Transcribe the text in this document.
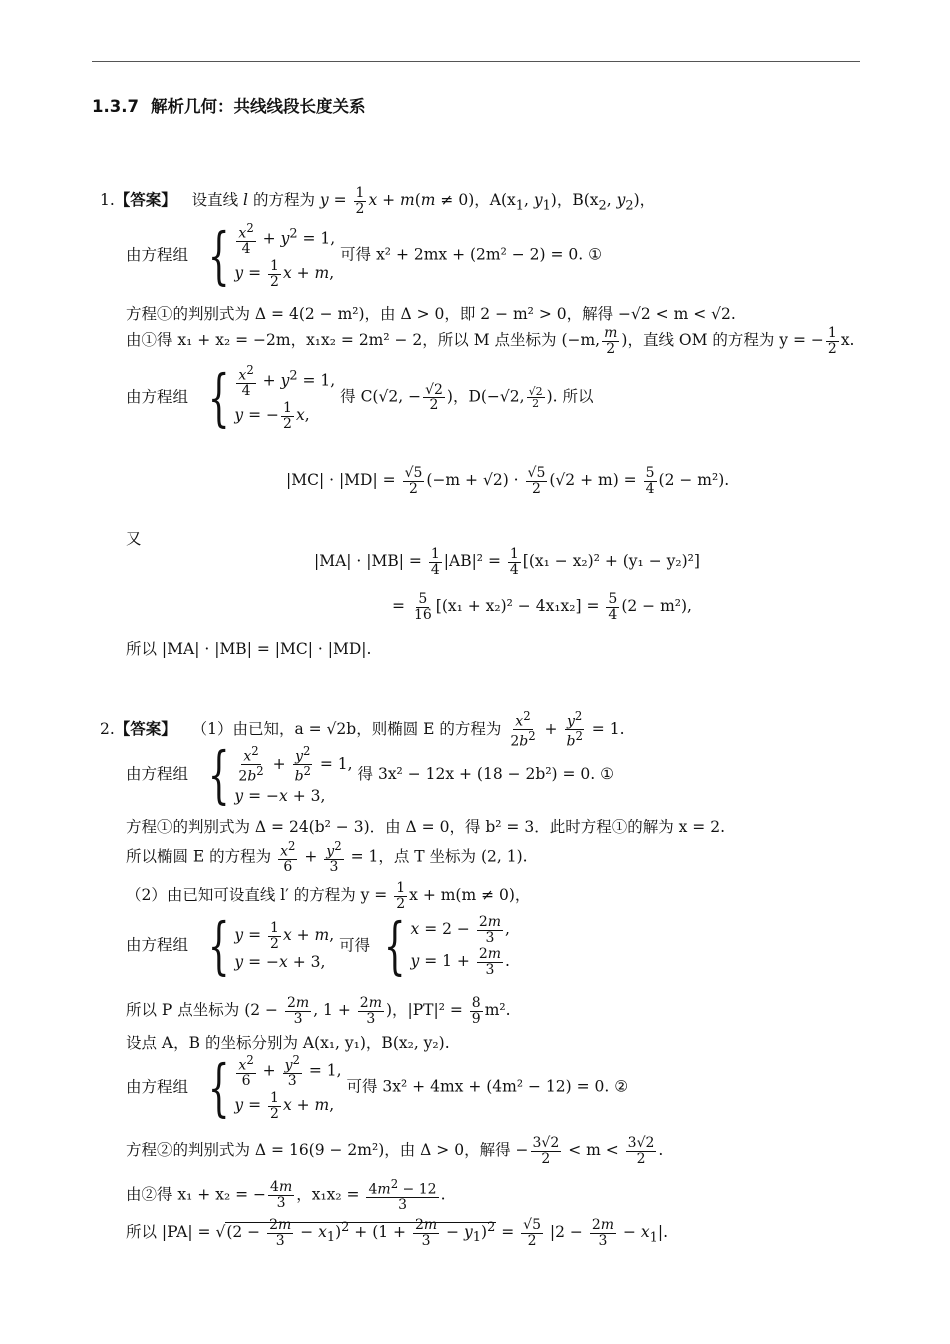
1.3.7 解析几何：共线线段长度关系
1.【答案】 设直线 l 的方程为 $y = \frac{1}{2}$ x + m(m ≠ 0)，$A(x_1$, $y_1$)，$B(x_2$, $y_2$)，
由方程组 { $\frac{x^2}{4} + y^2 = 1$,
$y = \frac{1}{2}$ x + m,
可得 x² + 2mx + (2m² − 2) = 0. ①
方程①的判别式为 Δ = 4(2 − m²)，由 Δ > 0，即 2 − m² > 0，解得 −√2 < m < √2.
由①得 x₁ + x₂ = −2m，x₁x₂ = 2m² − 2，所以 M 点坐标为 (−m, $\frac{m}{2}$ )，直线 OM 的方程为 y = − $\frac{1}{2} x$.
由方程组 { $\frac{x^2}{4} + y^2 = 1$,
y = − $\frac{1}{2} x$,
得 C(√2, − $\frac{√2}{2}$ )，D(−√2, $\frac{√2}{2}$ ). 所以
$|MC| \cdot |MD| = \frac{√5}{2} (-m + √2) \cdot \frac{√5}{2} (√2 + m) = \frac{5}{4} (2 - m^2)$.
又
$|MA| \cdot |MB| = \frac{1}{4} |AB|^2 = \frac{1}{4} [(x_1 - x_2)^2 + (y_1 - y_2)^2]$
= $\frac{5}{16} [(x_1 + x_2)^2 - 4x_1x_2] = \frac{5}{4} (2 - m^2)$,
所以 |MA| · |MB| = |MC| · |MD|.
2.【答案】 （1）由已知，a = √2b，则椭圆 E 的方程为 $\frac{x^2}{2b^2} + \frac{y^2}{b^2} = 1$.
由方程组 { $\frac{x^2}{2b^2} + \frac{y^2}{b^2} = 1$,
y = −x + 3,
得 3x² − 12x + (18 − 2b²) = 0. ①
方程①的判别式为 Δ = 24(b² − 3)．由 Δ = 0，得 b² = 3．此时方程①的解为 x = 2.
所以椭圆 E 的方程为 $\frac{x^2}{6} + \frac{y^2}{3} = 1$，点 T 坐标为 (2, 1).
（2）由已知可设直线 l′ 的方程为 $y = \frac{1}{2}$ x + m(m ≠ 0)，
由方程组 { $y = \frac{1}{2}$ x + m,
y = −x + 3,
可得 { $x = 2 - \frac{2m}{3}$ ,
$y = 1 + \frac{2m}{3}$ .
所以 P 点坐标为 ($2 - \frac{2m}{3}$ , $1 + \frac{2m}{3}$ )，$|PT|^2 = \frac{8}{9} m^2$.
设点 A，B 的坐标分别为 A(x₁, y₁)，B(x₂, y₂).
由方程组 { $\frac{x^2}{6} + \frac{y^2}{3} = 1$,
$y = \frac{1}{2}$ x + m,
可得 3x² + 4mx + (4m² − 12) = 0. ②
方程②的判别式为 Δ = 16(9 − 2m²)，由 Δ > 0，解得 − $\frac{3√2}{2} < m < \frac{3√2}{2}$ .
由②得 x₁ + x₂ = − $\frac{4m}{3}$ ，$x_1x_2 = \frac{4m^2 - 12}{3}$ .
所以 $|PA| = √(2 - \frac{2m}{3} - x_1)^2 + (1 + \frac{2m}{3} - y_1)^2 = \frac{√5}{2} |2 - \frac{2m}{3} - x_1|$.
